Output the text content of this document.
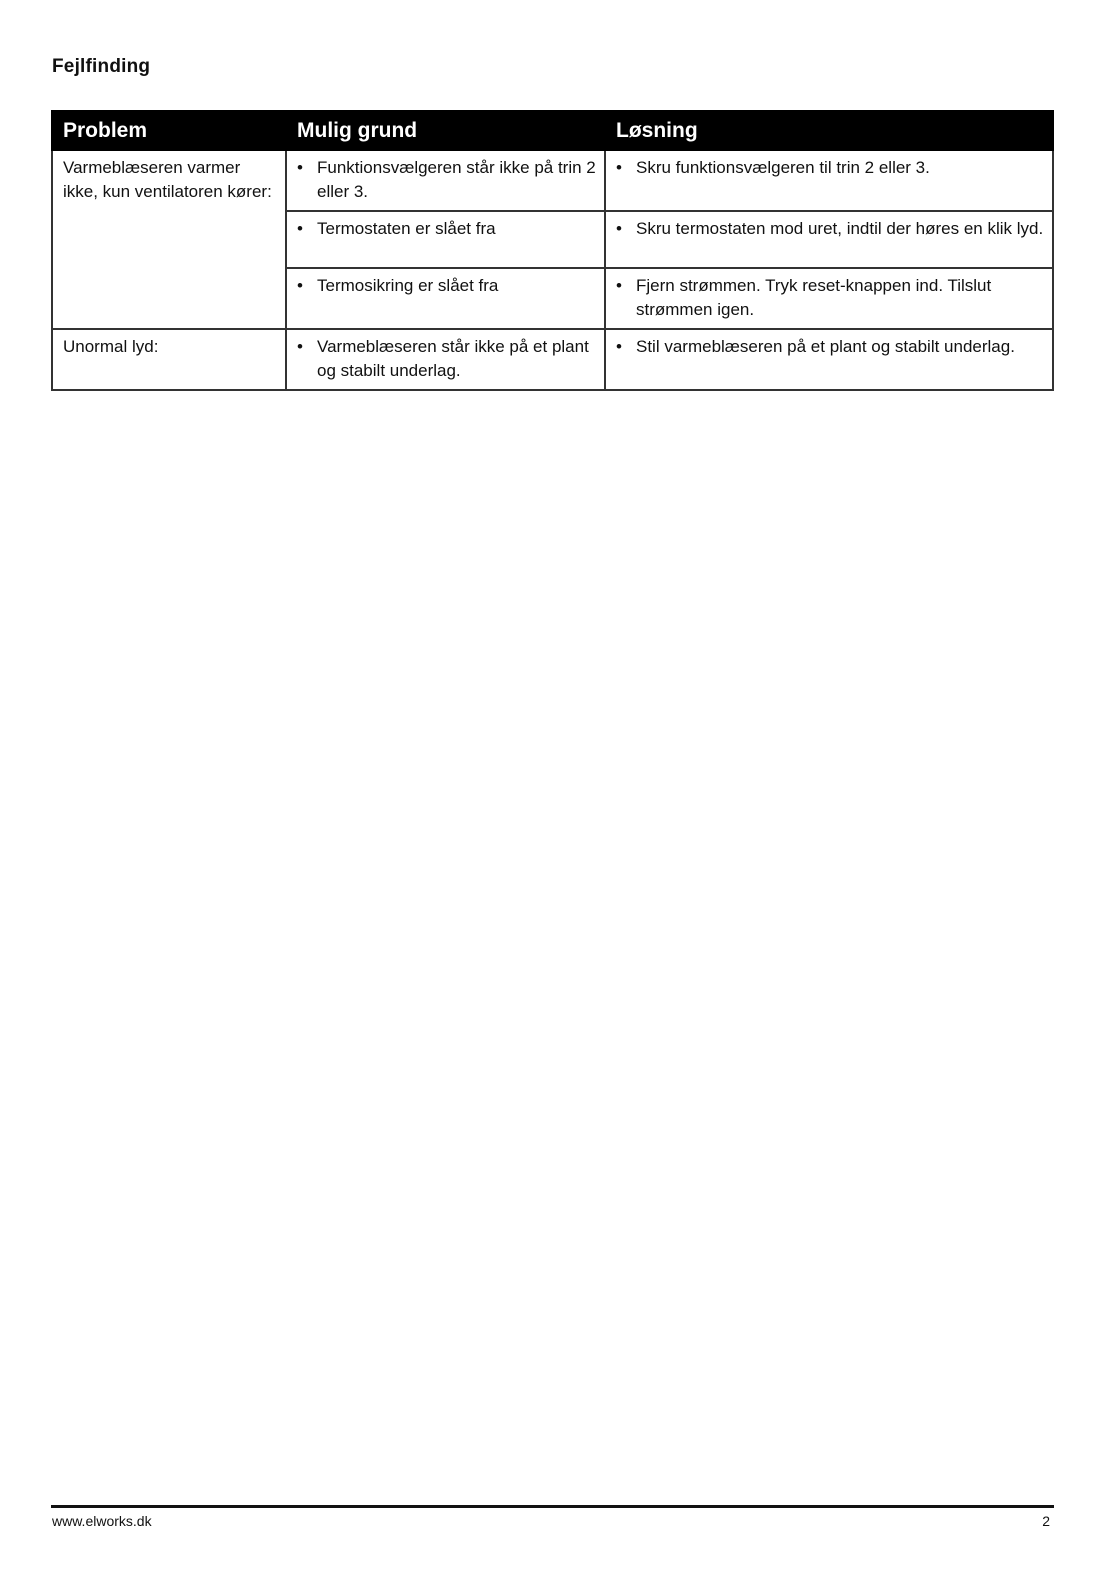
Fejlfinding
Problem	Mulig grund	Løsning
Varmeblæseren varmer ikke, kun ventilatoren kører:	• Funktionsvælgeren står ikke på trin 2 eller 3.	• Skru funktionsvælgeren til trin 2 eller 3.

	• Termostaten er slået fra	• Skru termostaten mod uret, indtil der høres en klik lyd.

	• Termosikring er slået fra	• Fjern strømmen. Tryk reset-knappen ind. Tilslut strømmen igen.

Unormal lyd:	• Varmeblæseren står ikke på et plant og stabilt underlag.	• Stil varmeblæseren på et plant og stabilt underlag.
www.elworks.dk	2
